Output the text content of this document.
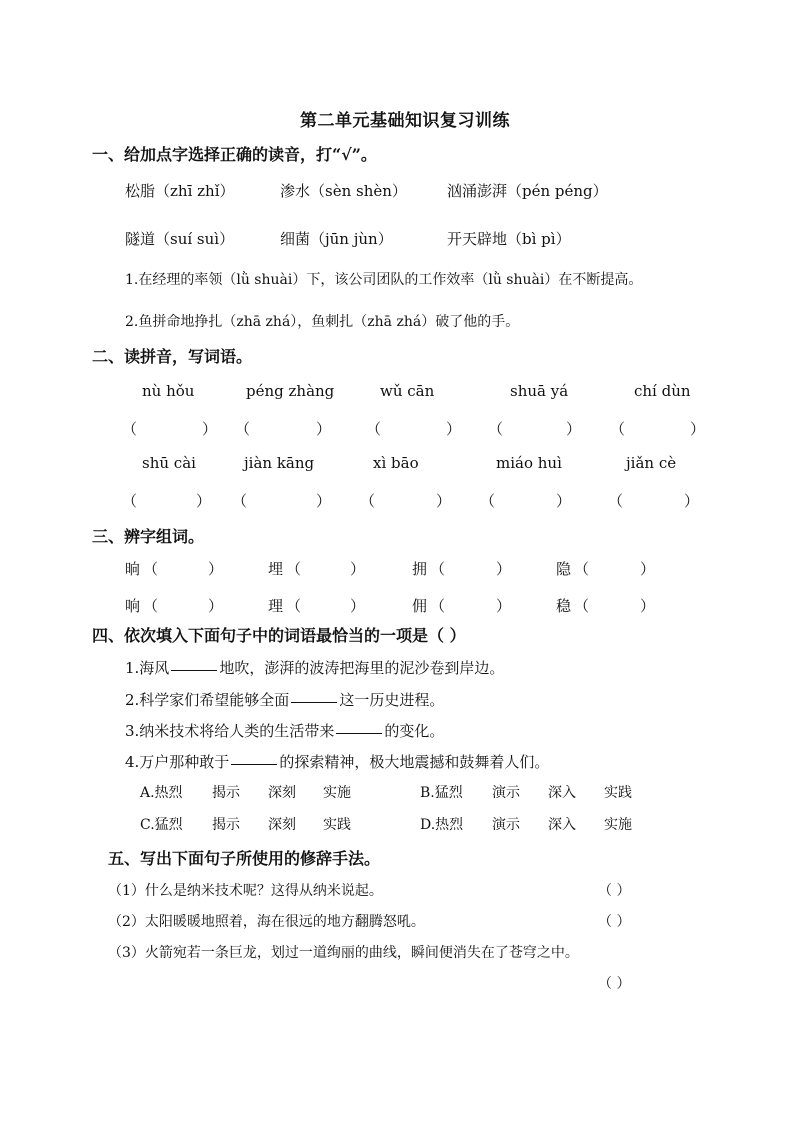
第二单元基础知识复习训练
一、给加点字选择正确的读音，打“√”。
松脂（zhī zhǐ）	渗水（sèn shèn）	汹涌澎湃（pén péng）
隧道（suí suì）	细菌（jūn jùn）	开天辟地（bì pì）
1.在经理的率领（lǜ shuài）下，该公司团队的工作效率（lǜ shuài）在不断提高。
2.鱼拼命地挣扎（zhā zhá），鱼刺扎（zhā zhá）破了他的手。
二、读拼音，写词语。
nù hǒu	péng zhàng	wǔ cān	shuā yá	chí dùn
（	） （	） （	） （	） （	）
shū cài	jiàn kāng	xì bāo	miáo huì	jiǎn cè
（	） （	） （	） （	） （	）
三、辨字组词。
晌 （	）	埋 （	）	拥 （	）	隐 （	）
响 （	）	理 （	）	佣 （	）	稳 （	）
四、依次填入下面句子中的词语最恰当的一项是（ ）
1.海风	地吹，澎湃的波涛把海里的泥沙卷到岸边。
2.科学家们希望能够全面	这一历史进程。
3.纳米技术将给人类的生活带来	的变化。
4.万户那种敢于	的探索精神，极大地震撼和鼓舞着人们。
A.热烈 揭示 深刻 实施	B.猛烈 演示 深入 实践
C.猛烈 揭示 深刻 实践	D.热烈 演示 深入 实施
五、写出下面句子所使用的修辞手法。
（1）什么是纳米技术呢？这得从纳米说起。	（ ）
（2）太阳暖暖地照着，海在很远的地方翻腾怒吼。	（ ）
（3）火箭宛若一条巨龙，划过一道绚丽的曲线，瞬间便消失在了苍穹之中。
（ ）
